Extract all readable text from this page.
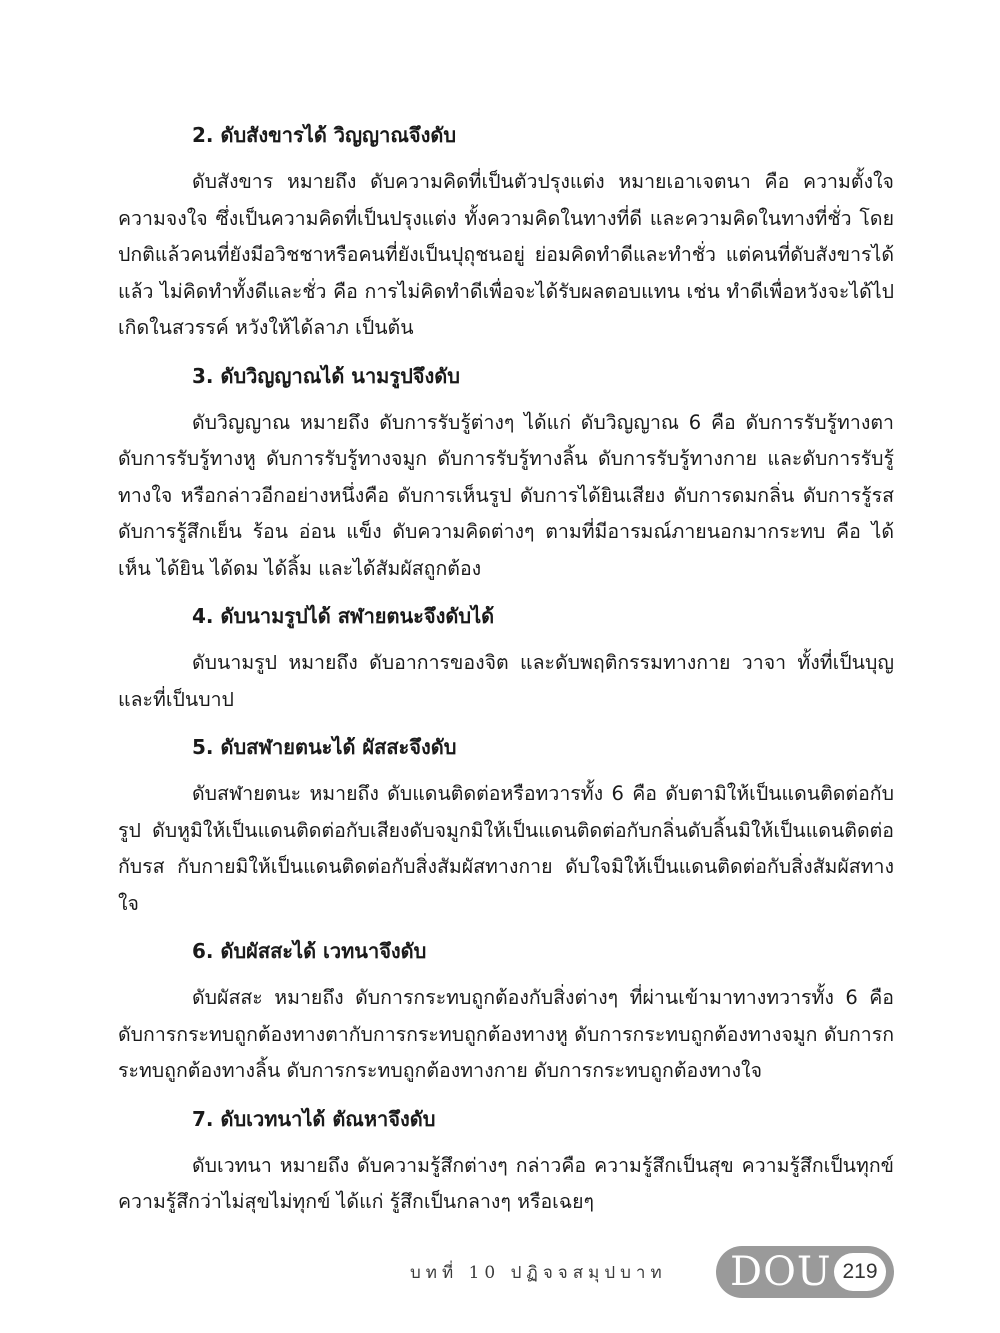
2. ดับสังขารได้ วิญญาณจึงดับ

ดับสังขาร หมายถึง ดับความคิดที่เป็นตัวปรุงแต่ง หมายเอาเจตนา คือ ความตั้งใจ ความจงใจ ซึ่งเป็นความคิดที่เป็นปรุงแต่ง ทั้งความคิดในทางที่ดี และความคิดในทางที่ชั่ว โดยปกติแล้วคนที่ยังมีอวิชชาหรือคนที่ยังเป็นปุถุชนอยู่ ย่อมคิดทำดีและทำชั่ว แต่คนที่ดับสังขารได้แล้ว ไม่คิดทำทั้งดีและชั่ว คือ การไม่คิดทำดีเพื่อจะได้รับผลตอบแทน เช่น ทำดีเพื่อหวังจะได้ไปเกิดในสวรรค์ หวังให้ได้ลาภ เป็นต้น

3. ดับวิญญาณได้ นามรูปจึงดับ

ดับวิญญาณ หมายถึง ดับการรับรู้ต่างๆ ได้แก่ ดับวิญญาณ 6 คือ ดับการรับรู้ทางตา ดับการรับรู้ทางหู ดับการรับรู้ทางจมูก ดับการรับรู้ทางลิ้น ดับการรับรู้ทางกาย และดับการรับรู้ทางใจ หรือกล่าวอีกอย่างหนึ่งคือ ดับการเห็นรูป ดับการได้ยินเสียง ดับการดมกลิ่น ดับการรู้รส ดับการรู้สึกเย็น ร้อน อ่อน แข็ง ดับความคิดต่างๆ ตามที่มีอารมณ์ภายนอกมากระทบ คือ ได้เห็น ได้ยิน ได้ดม ได้ลิ้ม และได้สัมผัสถูกต้อง

4. ดับนามรูปได้ สฬายตนะจึงดับได้

ดับนามรูป หมายถึง ดับอาการของจิต และดับพฤติกรรมทางกาย วาจา ทั้งที่เป็นบุญและที่เป็นบาป

5. ดับสฬายตนะได้ ผัสสะจึงดับ

ดับสฬายตนะ หมายถึง ดับแดนติดต่อหรือทวารทั้ง 6 คือ ดับตามิให้เป็นแดนติดต่อกับรูป ดับหูมิให้เป็นแดนติดต่อกับเสียงดับจมูกมิให้เป็นแดนติดต่อกับกลิ่นดับลิ้นมิให้เป็นแดนติดต่อกับรส กับกายมิให้เป็นแดนติดต่อกับสิ่งสัมผัสทางกาย ดับใจมิให้เป็นแดนติดต่อกับสิ่งสัมผัสทางใจ

6. ดับผัสสะได้ เวทนาจึงดับ

ดับผัสสะ หมายถึง ดับการกระทบถูกต้องกับสิ่งต่างๆ ที่ผ่านเข้ามาทางทวารทั้ง 6 คือ ดับการกระทบถูกต้องทางตากับการกระทบถูกต้องทางหู ดับการกระทบถูกต้องทางจมูก ดับการกระทบถูกต้องทางลิ้น ดับการกระทบถูกต้องทางกาย ดับการกระทบถูกต้องทางใจ

7. ดับเวทนาได้ ตัณหาจึงดับ

ดับเวทนา หมายถึง ดับความรู้สึกต่างๆ กล่าวคือ ความรู้สึกเป็นสุข ความรู้สึกเป็นทุกข์ ความรู้สึกว่าไม่สุขไม่ทุกข์ ได้แก่ รู้สึกเป็นกลางๆ หรือเฉยๆ

บทที่ 10 ปฏิจจสมุปบาท DOU 219
